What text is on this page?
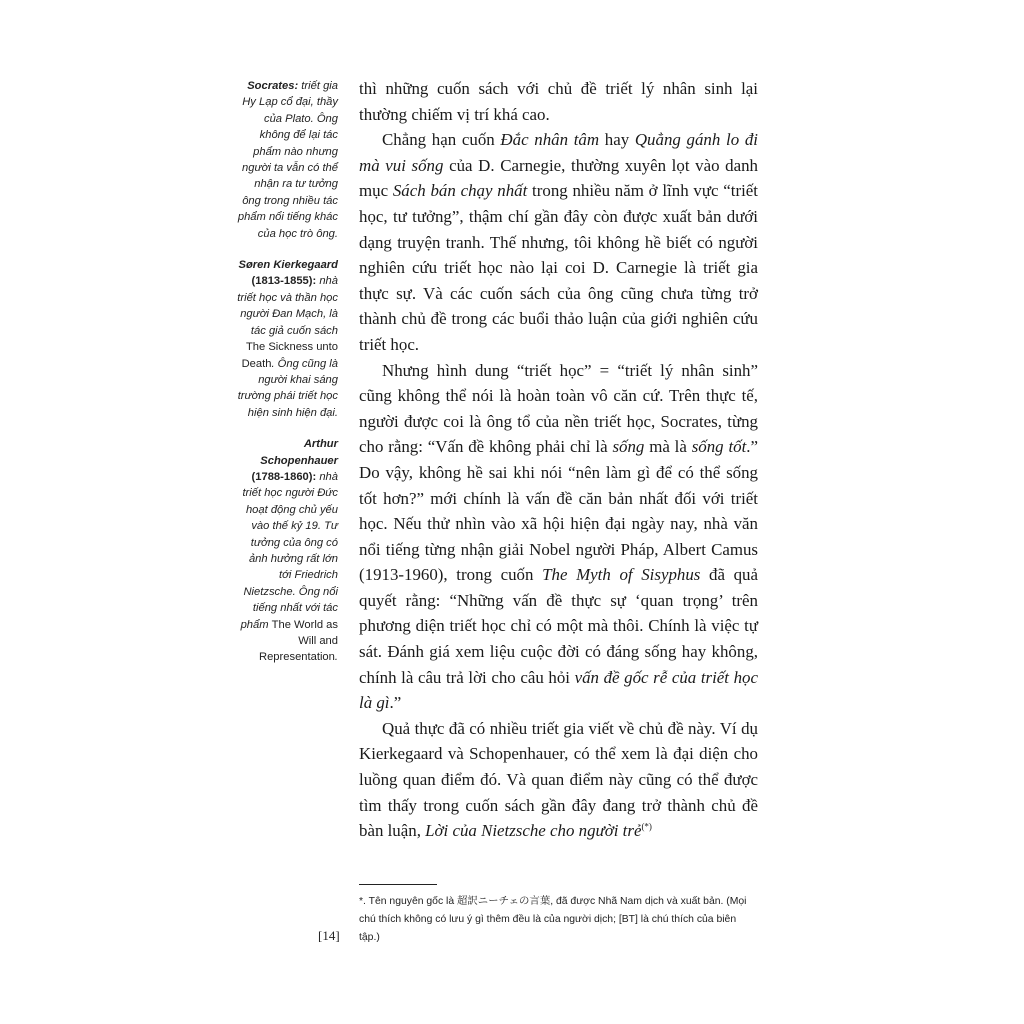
Socrates: triết gia Hy Lạp cổ đại, thầy của Plato. Ông không để lại tác phẩm nào nhưng người ta vẫn có thể nhận ra tư tưởng ông trong nhiều tác phẩm nổi tiếng khác của học trò ông.

Søren Kierkegaard (1813-1855): nhà triết học và thần học người Đan Mạch, là tác giả cuốn sách The Sickness unto Death. Ông cũng là người khai sáng trường phái triết học hiện sinh hiện đại.

Arthur Schopenhauer (1788-1860): nhà triết học người Đức hoạt động chủ yếu vào thế kỷ 19. Tư tưởng của ông có ảnh hưởng rất lớn tới Friedrich Nietzsche. Ông nổi tiếng nhất với tác phẩm The World as Will and Representation.

thì những cuốn sách với chủ đề triết lý nhân sinh lại thường chiếm vị trí khá cao.

Chẳng hạn cuốn Đắc nhân tâm hay Quẳng gánh lo đi mà vui sống của D. Carnegie, thường xuyên lọt vào danh mục Sách bán chạy nhất trong nhiều năm ở lĩnh vực “triết học, tư tưởng”, thậm chí gần đây còn được xuất bản dưới dạng truyện tranh. Thế nhưng, tôi không hề biết có người nghiên cứu triết học nào lại coi D. Carnegie là triết gia thực sự. Và các cuốn sách của ông cũng chưa từng trở thành chủ đề trong các buổi thảo luận của giới nghiên cứu triết học.

Nhưng hình dung “triết học” = “triết lý nhân sinh” cũng không thể nói là hoàn toàn vô căn cứ. Trên thực tế, người được coi là ông tổ của nền triết học, Socrates, từng cho rằng: “Vấn đề không phải chỉ là sống mà là sống tốt.” Do vậy, không hề sai khi nói “nên làm gì để có thể sống tốt hơn?” mới chính là vấn đề căn bản nhất đối với triết học. Nếu thử nhìn vào xã hội hiện đại ngày nay, nhà văn nổi tiếng từng nhận giải Nobel người Pháp, Albert Camus (1913-1960), trong cuốn The Myth of Sisyphus đã quả quyết rằng: “Những vấn đề thực sự ‘quan trọng’ trên phương diện triết học chỉ có một mà thôi. Chính là việc tự sát. Đánh giá xem liệu cuộc đời có đáng sống hay không, chính là câu trả lời cho câu hỏi vấn đề gốc rễ của triết học là gì.”

Quả thực đã có nhiều triết gia viết về chủ đề này. Ví dụ Kierkegaard và Schopenhauer, có thể xem là đại diện cho luồng quan điểm đó. Và quan điểm này cũng có thể được tìm thấy trong cuốn sách gần đây đang trở thành chủ đề bàn luận, Lời của Nietzsche cho người trẻ(*)

*. Tên nguyên gốc là 超訳ニーチェの言葉, đã được Nhã Nam dịch và xuất bản. (Mọi chú thích không có lưu ý gì thêm đều là của người dịch; [BT] là chú thích của biên tập.)
[14]
